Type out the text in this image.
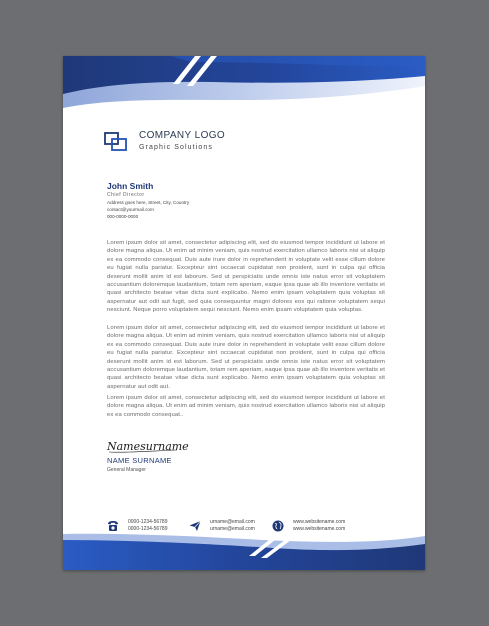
COMPANY LOGO
Graphic Solutions
John Smith
Chief Director
Address goes here, Street, City, Country
contact@yourmail.com
000-0000-0000

Lorem ipsum dolor sit amet, consectetur adipiscing elit, sed do eiusmod tempor incididunt ut labore et dolore magna aliqua. Ut enim ad minim veniam, quis nostrud exercitation ullamco laboris nisi ut aliquip ex ea commodo consequat. Duis aute irure dolor in reprehenderit in voluptate velit esse cillum dolore eu fugiat nulla pariatur. Excepteur sint occaecat cupidatat non proident, sunt in culpa qui officia deserunt mollit anim id est laborum. Sed ut perspiciatis unde omnis iste natus error sit voluptatem accusantium doloremque laudantium, totam rem aperiam, eaque ipsa quae ab illo inventore veritatis et quasi architecto beatae vitae dicta sunt explicabo. Nemo enim ipsam voluptatem quia voluptas sit aspernatur aut odit aut fugit, sed quia consequuntur magni dolores eos qui ratione voluptatem sequi nesciunt. Neque porro voluptatem sequi nesciunt. Nemo enim ipsam voluptatem quia voluptas.

Lorem ipsum dolor sit amet, consectetur adipiscing elit, sed do eiusmod tempor incididunt ut labore et dolore magna aliqua. Ut enim ad minim veniam, quis nostrud exercitation ullamco laboris nisi ut aliquip ex ea commodo consequat. Duis aute irure dolor in reprehenderit in voluptate velit esse cillum dolore eu fugiat nulla pariatur. Excepteur sint occaecat cupidatat non proident, sunt in culpa qui officia deserunt mollit anim id est laborum. Sed ut perspiciatis unde omnis iste natus error sit voluptatem accusantium doloremque laudantium, totam rem aperiam, eaque ipsa quae ab illo inventore veritatis et quasi architecto beatae vitae dicta sunt explicabo. Nemo enim ipsam voluptatem quia voluptas sit aspernatur aut odit aut.

Lorem ipsum dolor sit amet, consectetur adipiscing elit, sed do eiusmod tempor incididunt ut labore et dolore magna aliqua. Ut enim ad minim veniam, quis nostrud exercitation ullamco laboris nisi ut aliquip ex ea commodo consequat..

Namesurname
NAME SURNAME
General Manager
0000-1234-56789
0000-1234-56789
urname@email.com
urname@email.com
www.websitename.com
www.websitename.com
